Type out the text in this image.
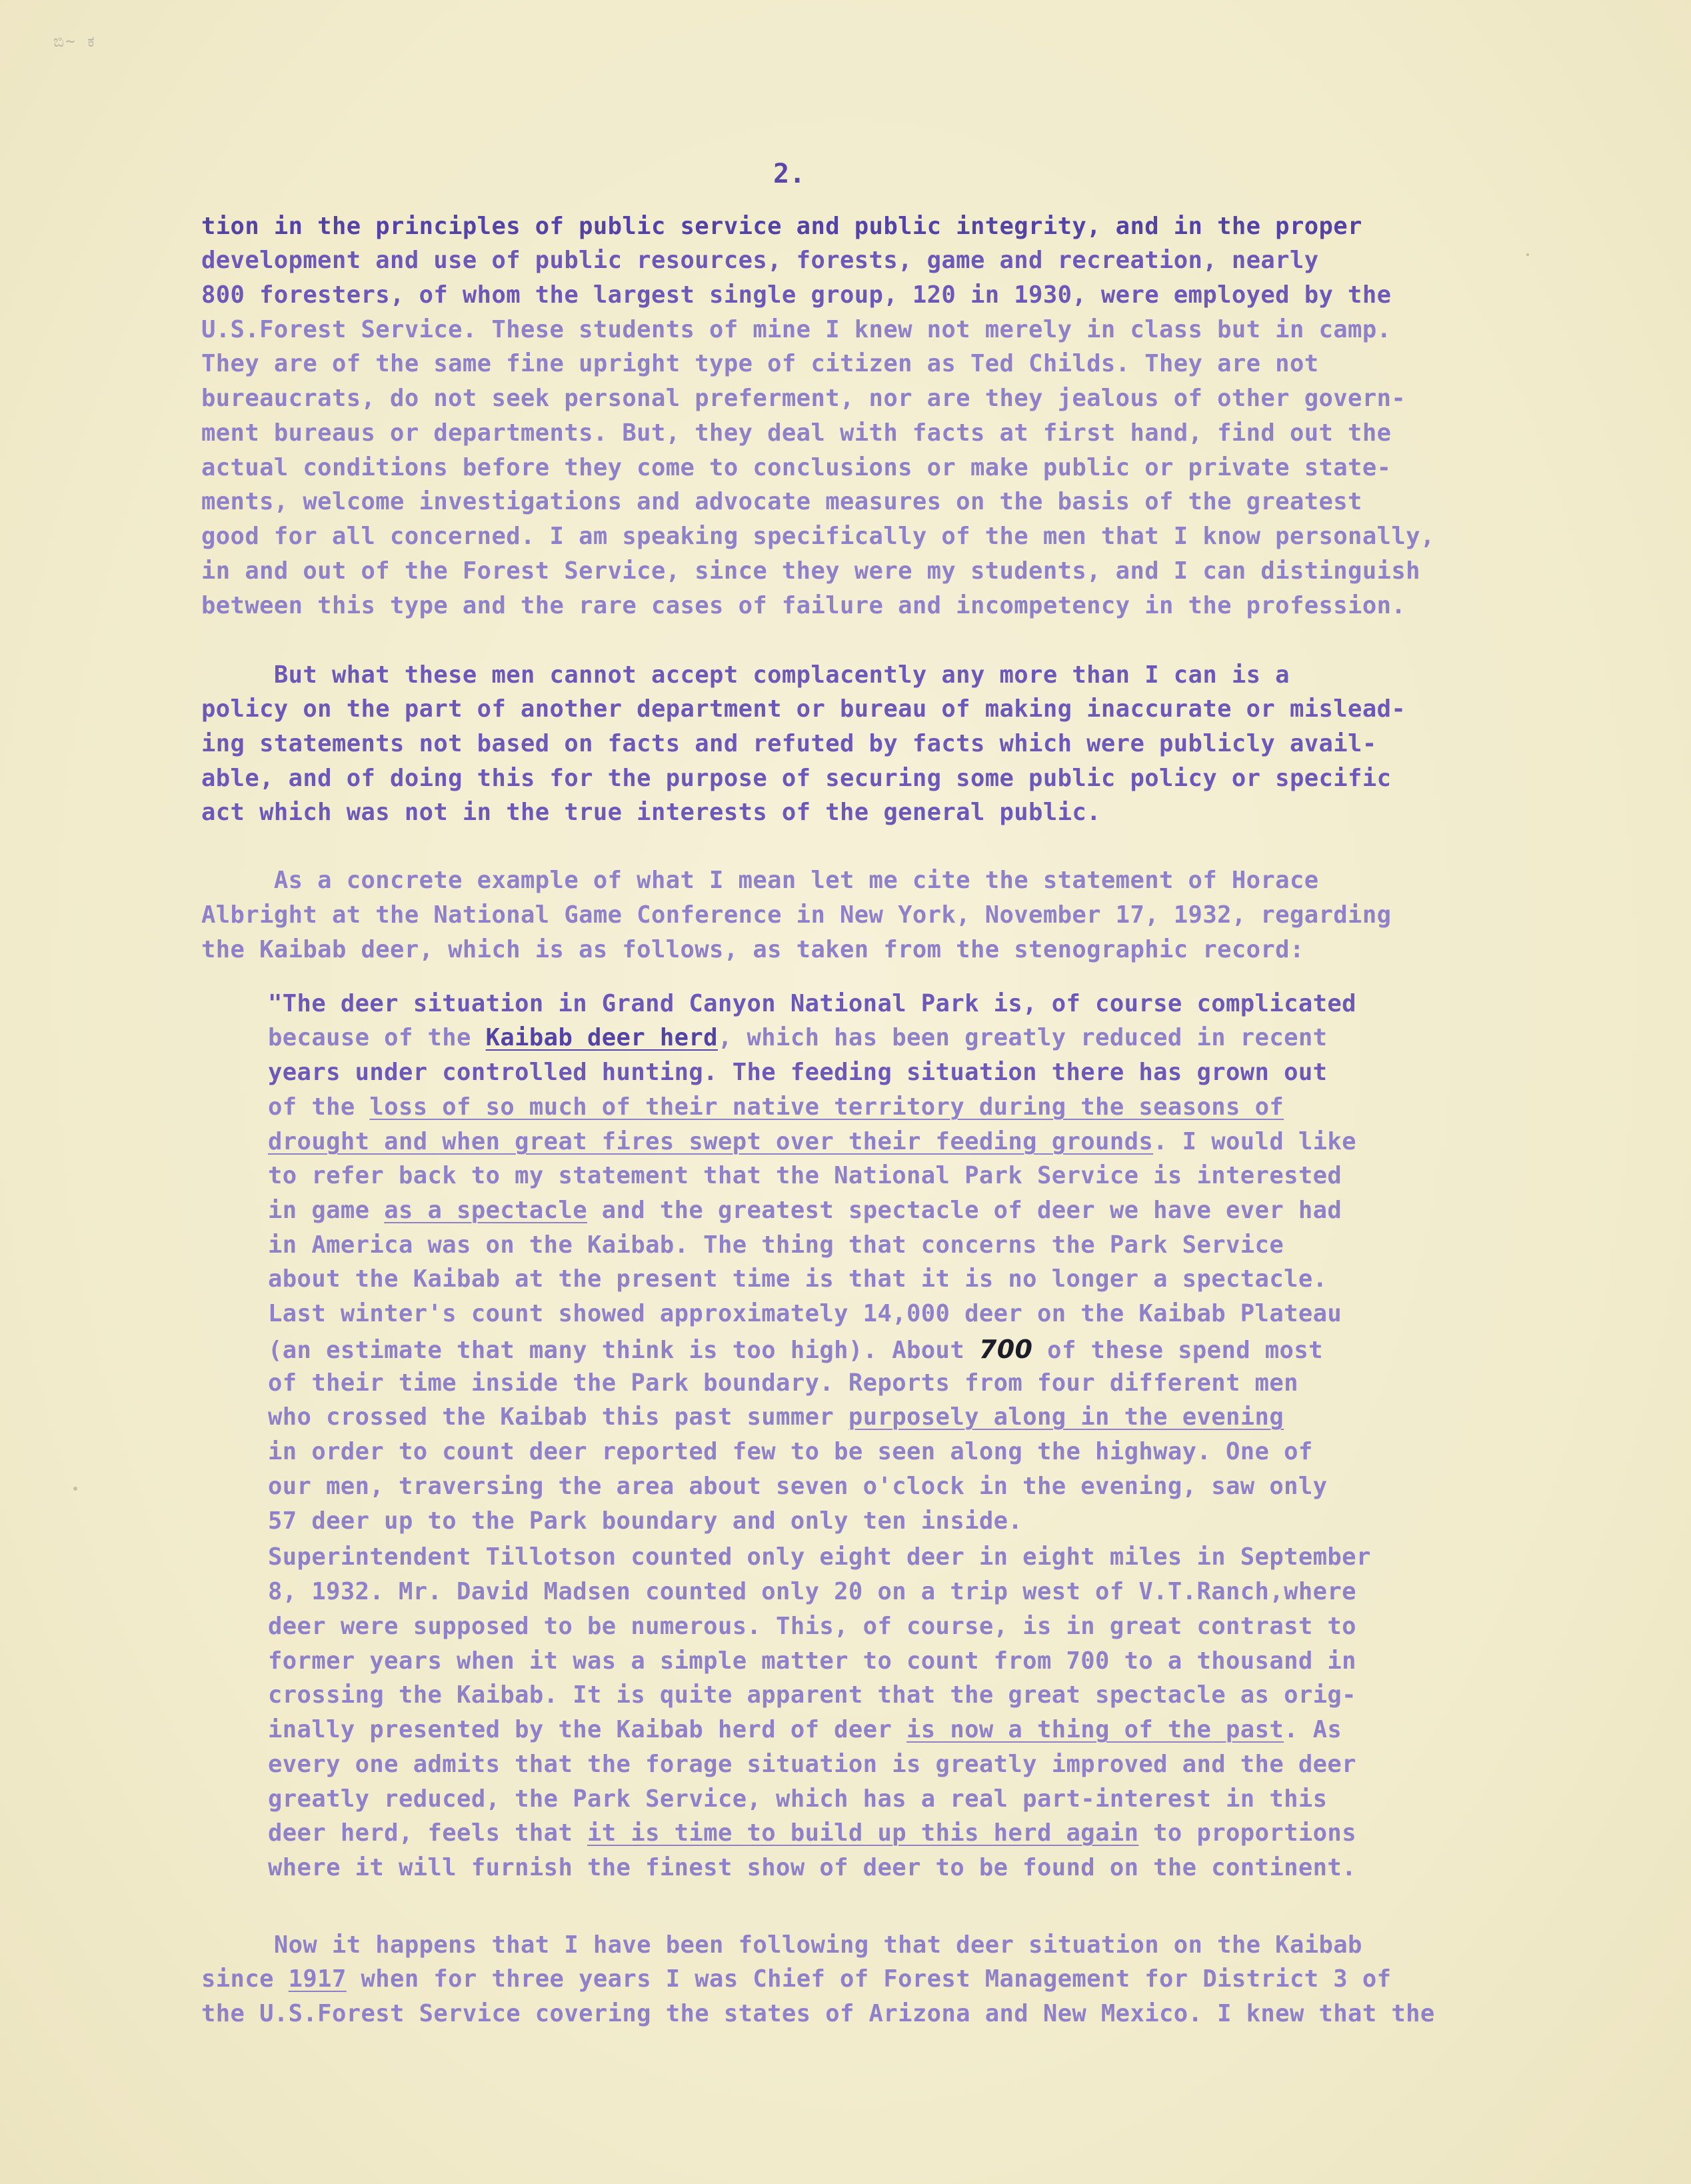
ಬಿ~ ಕ
2.
tion in the principles of public service and public integrity, and in the proper
development and use of public resources, forests, game and recreation, nearly
800 foresters, of whom the largest single group, 120 in 1930, were employed by the
U.S.Forest Service. These students of mine I knew not merely in class but in camp.
They are of the same fine upright type of citizen as Ted Childs. They are not
bureaucrats, do not seek personal preferment, nor are they jealous of other govern-
ment bureaus or departments. But, they deal with facts at first hand, find out the
actual conditions before they come to conclusions or make public or private state-
ments, welcome investigations and advocate measures on the basis of the greatest
good for all concerned. I am speaking specifically of the men that I know personally,
in and out of the Forest Service, since they were my students, and I can distinguish
between this type and the rare cases of failure and incompetency in the profession.
But what these men cannot accept complacently any more than I can is a
policy on the part of another department or bureau of making inaccurate or mislead-
ing statements not based on facts and refuted by facts which were publicly avail-
able, and of doing this for the purpose of securing some public policy or specific
act which was not in the true interests of the general public.
As a concrete example of what I mean let me cite the statement of Horace
Albright at the National Game Conference in New York, November 17, 1932, regarding
the Kaibab deer, which is as follows, as taken from the stenographic record:
"The deer situation in Grand Canyon National Park is, of course complicated
because of the Kaibab deer herd, which has been greatly reduced in recent
years under controlled hunting. The feeding situation there has grown out
of the loss of so much of their native territory during the seasons of
drought and when great fires swept over their feeding grounds. I would like
to refer back to my statement that the National Park Service is interested
in game as a spectacle and the greatest spectacle of deer we have ever had
in America was on the Kaibab. The thing that concerns the Park Service
about the Kaibab at the present time is that it is no longer a spectacle.
Last winter's count showed approximately 14,000 deer on the Kaibab Plateau
(an estimate that many think is too high). About 700 of these spend most
of their time inside the Park boundary. Reports from four different men
who crossed the Kaibab this past summer purposely along in the evening
in order to count deer reported few to be seen along the highway. One of
our men, traversing the area about seven o'clock in the evening, saw only
57 deer up to the Park boundary and only ten inside.
Superintendent Tillotson counted only eight deer in eight miles in September
8, 1932. Mr. David Madsen counted only 20 on a trip west of V.T.Ranch,where
deer were supposed to be numerous. This, of course, is in great contrast to
former years when it was a simple matter to count from 700 to a thousand in
crossing the Kaibab. It is quite apparent that the great spectacle as orig-
inally presented by the Kaibab herd of deer is now a thing of the past. As
every one admits that the forage situation is greatly improved and the deer
greatly reduced, the Park Service, which has a real part-interest in this
deer herd, feels that it is time to build up this herd again to proportions
where it will furnish the finest show of deer to be found on the continent.
Now it happens that I have been following that deer situation on the Kaibab
since 1917 when for three years I was Chief of Forest Management for District 3 of
the U.S.Forest Service covering the states of Arizona and New Mexico. I knew that the
